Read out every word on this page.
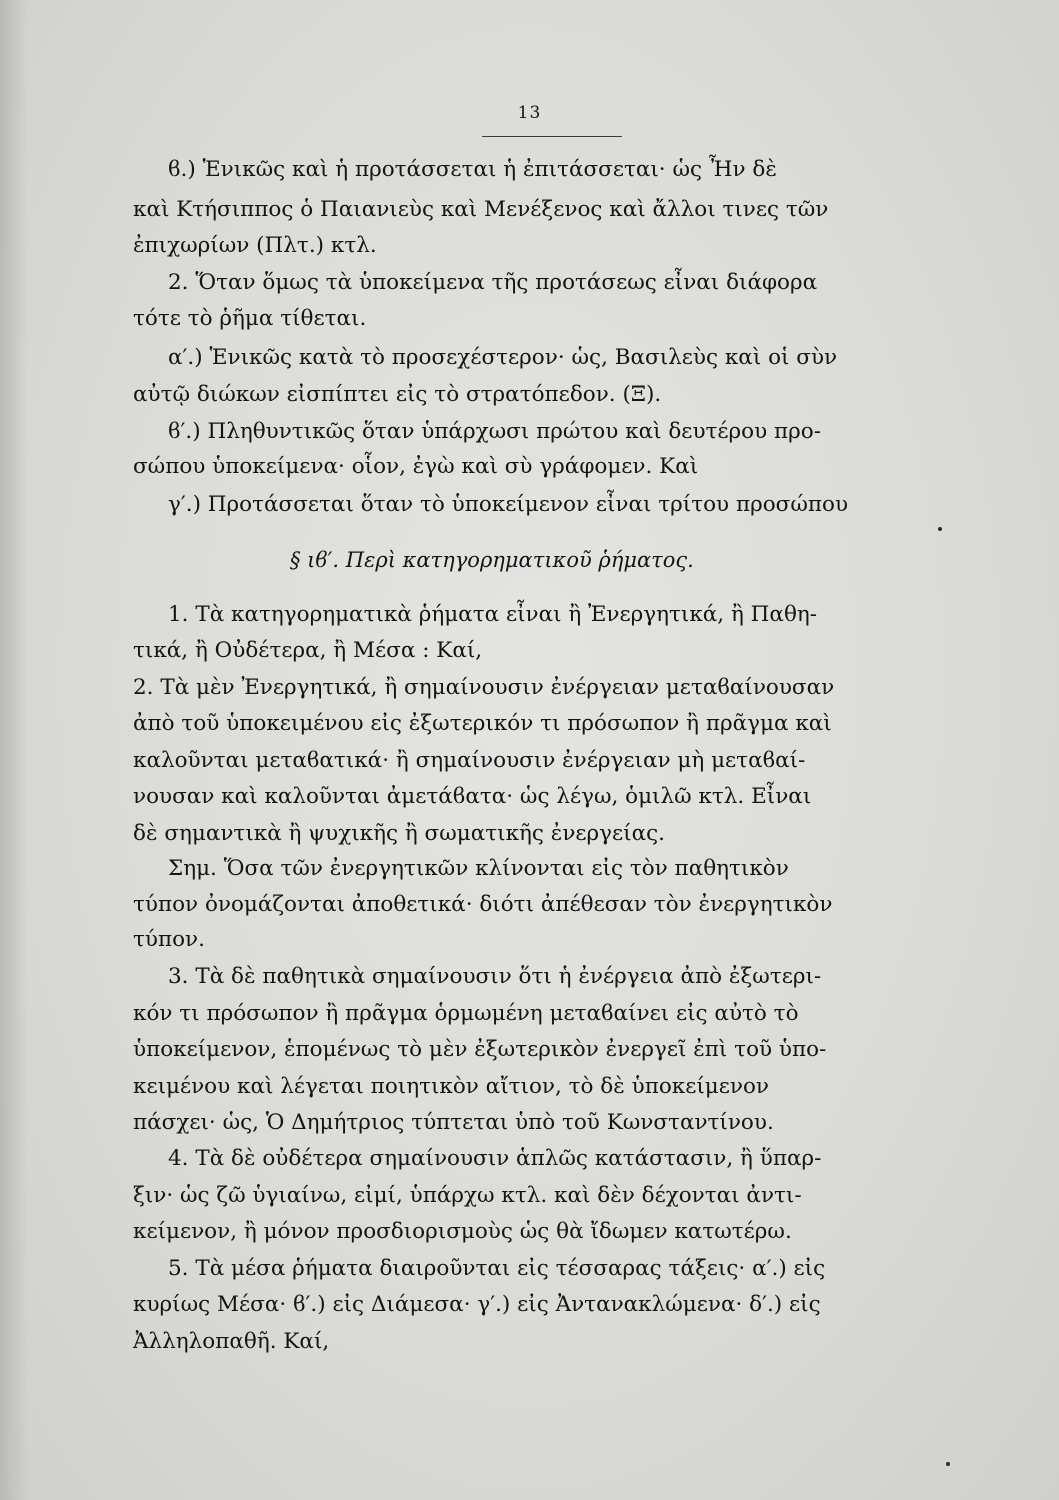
13
ϐ.) Ἑνικῶς καὶ ἡ προτάσσεται ἡ ἐπιτάσσεται· ὡς Ἦν δὲ
καὶ Κτήσιππος ὁ Παιανιεὺς καὶ Μενέξενος καὶ ἄλλοι τινες τῶν
ἐπιχωρίων (Πλτ.) κτλ.
2. Ὅταν ὅμως τὰ ὑποκείμενα τῆς προτάσεως εἶναι διάφορα
τότε τὸ ῥῆμα τίθεται.
α′.) Ἑνικῶς κατὰ τὸ προσεχέστερον· ὡς, Βασιλεὺς καὶ οἱ σὺν
αὐτῷ διώκων εἰσπίπτει εἰς τὸ στρατόπεδον. (Ξ).
ϐ′.) Πληθυντικῶς ὅταν ὑπάρχωσι πρώτου καὶ δευτέρου προ-
σώπου ὑποκείμενα· οἷον, ἐγὼ καὶ σὺ γράφομεν. Καὶ
γ′.) Προτάσσεται ὅταν τὸ ὑποκείμενον εἶναι τρίτου προσώπου
§ ιϐ′. Περὶ κατηγορηματικοῦ ῥήματος.
1. Τὰ κατηγορηματικὰ ῥήματα εἶναι ἢ Ἐνεργητικά, ἢ Παθη-
τικά, ἢ Οὐδέτερα, ἢ Μέσα : Καί,
2. Τὰ μὲν Ἐνεργητικά, ἢ σημαίνουσιν ἐνέργειαν μεταϐαίνουσαν
ἀπὸ τοῦ ὑποκειμένου εἰς ἐξωτερικόν τι πρόσωπον ἢ πρᾶγμα καὶ
καλοῦνται μεταϐατικά· ἢ σημαίνουσιν ἐνέργειαν μὴ μεταϐαί-
νουσαν καὶ καλοῦνται ἀμετάϐατα· ὡς λέγω, ὁμιλῶ κτλ. Εἶναι
δὲ σημαντικὰ ἢ ψυχικῆς ἢ σωματικῆς ἐνεργείας.
Σημ. Ὅσα τῶν ἐνεργητικῶν κλίνονται εἰς τὸν παθητικὸν
τύπον ὀνομάζονται ἀποθετικά· διότι ἀπέθεσαν τὸν ἐνεργητικὸν
τύπον.
3. Τὰ δὲ παθητικὰ σημαίνουσιν ὅτι ἡ ἐνέργεια ἀπὸ ἐξωτερι-
κόν τι πρόσωπον ἢ πρᾶγμα ὁρμωμένη μεταϐαίνει εἰς αὐτὸ τὸ
ὑποκείμενον, ἑπομένως τὸ μὲν ἐξωτερικὸν ἐνεργεῖ ἐπὶ τοῦ ὑπο-
κειμένου καὶ λέγεται ποιητικὸν αἴτιον, τὸ δὲ ὑποκείμενον
πάσχει· ὡς, Ὁ Δημήτριος τύπτεται ὑπὸ τοῦ Κωνσταντίνου.
4. Τὰ δὲ οὐδέτερα σημαίνουσιν ἁπλῶς κατάστασιν, ἢ ὕπαρ-
ξιν· ὡς ζῶ ὑγιαίνω, εἰμί, ὑπάρχω κτλ. καὶ δὲν δέχονται ἀντι-
κείμενον, ἢ μόνον προσδιορισμοὺς ὡς θὰ ἴδωμεν κατωτέρω.
5. Τὰ μέσα ῥήματα διαιροῦνται εἰς τέσσαρας τάξεις· α′.) εἰς
κυρίως Μέσα· ϐ′.) εἰς Διάμεσα· γ′.) εἰς Ἀντανακλώμενα· δ′.) εἰς
Ἀλληλοπαθῆ. Καί,
